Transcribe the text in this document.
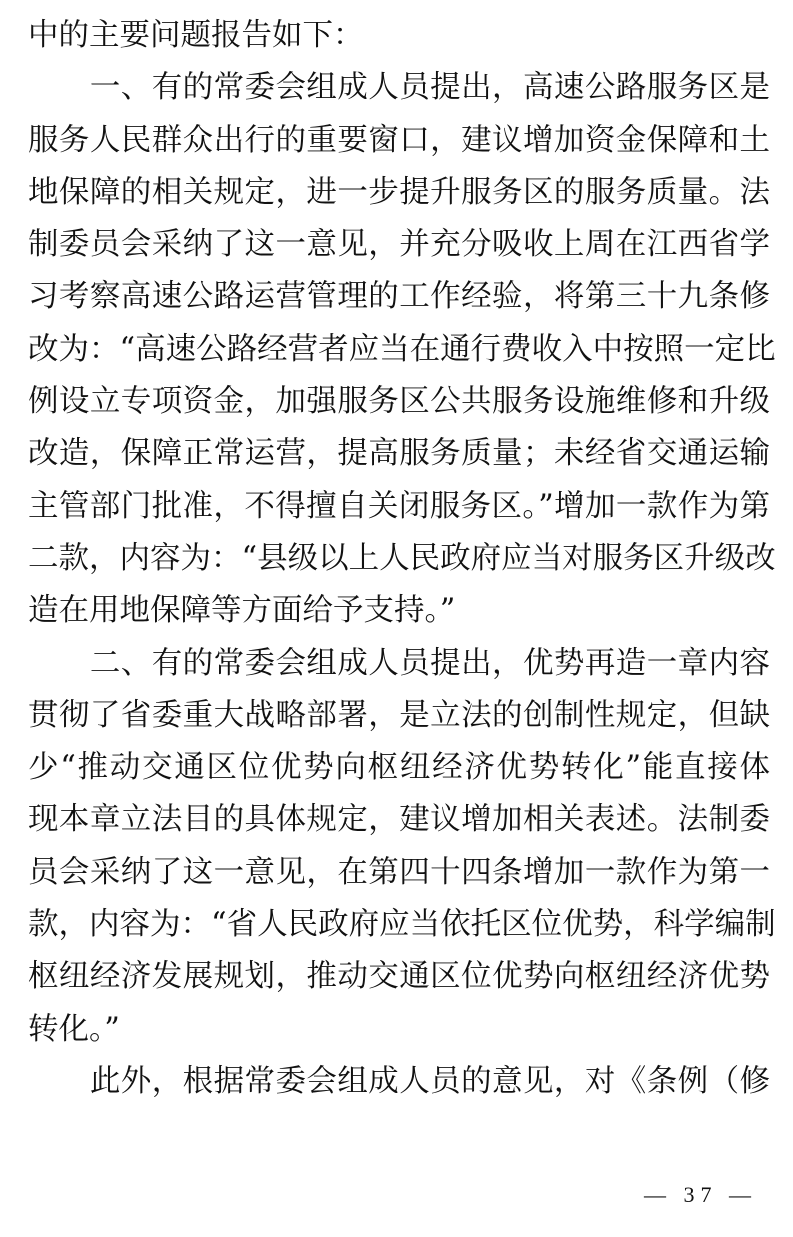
中的主要问题报告如下：
　　一、有的常委会组成人员提出，高速公路服务区是
服务人民群众出行的重要窗口，建议增加资金保障和土
地保障的相关规定，进一步提升服务区的服务质量。法
制委员会采纳了这一意见，并充分吸收上周在江西省学
习考察高速公路运营管理的工作经验，将第三十九条修
改为：“高速公路经营者应当在通行费收入中按照一定比
例设立专项资金，加强服务区公共服务设施维修和升级
改造，保障正常运营，提高服务质量；未经省交通运输
主管部门批准，不得擅自关闭服务区。”增加一款作为第
二款，内容为：“县级以上人民政府应当对服务区升级改
造在用地保障等方面给予支持。”
　　二、有的常委会组成人员提出，优势再造一章内容
贯彻了省委重大战略部署，是立法的创制性规定，但缺
少“推动交通区位优势向枢纽经济优势转化”能直接体
现本章立法目的具体规定，建议增加相关表述。法制委
员会采纳了这一意见，在第四十四条增加一款作为第一
款，内容为：“省人民政府应当依托区位优势，科学编制
枢纽经济发展规划，推动交通区位优势向枢纽经济优势
转化。”
　　此外，根据常委会组成人员的意见，对《条例（修
— 37 —
